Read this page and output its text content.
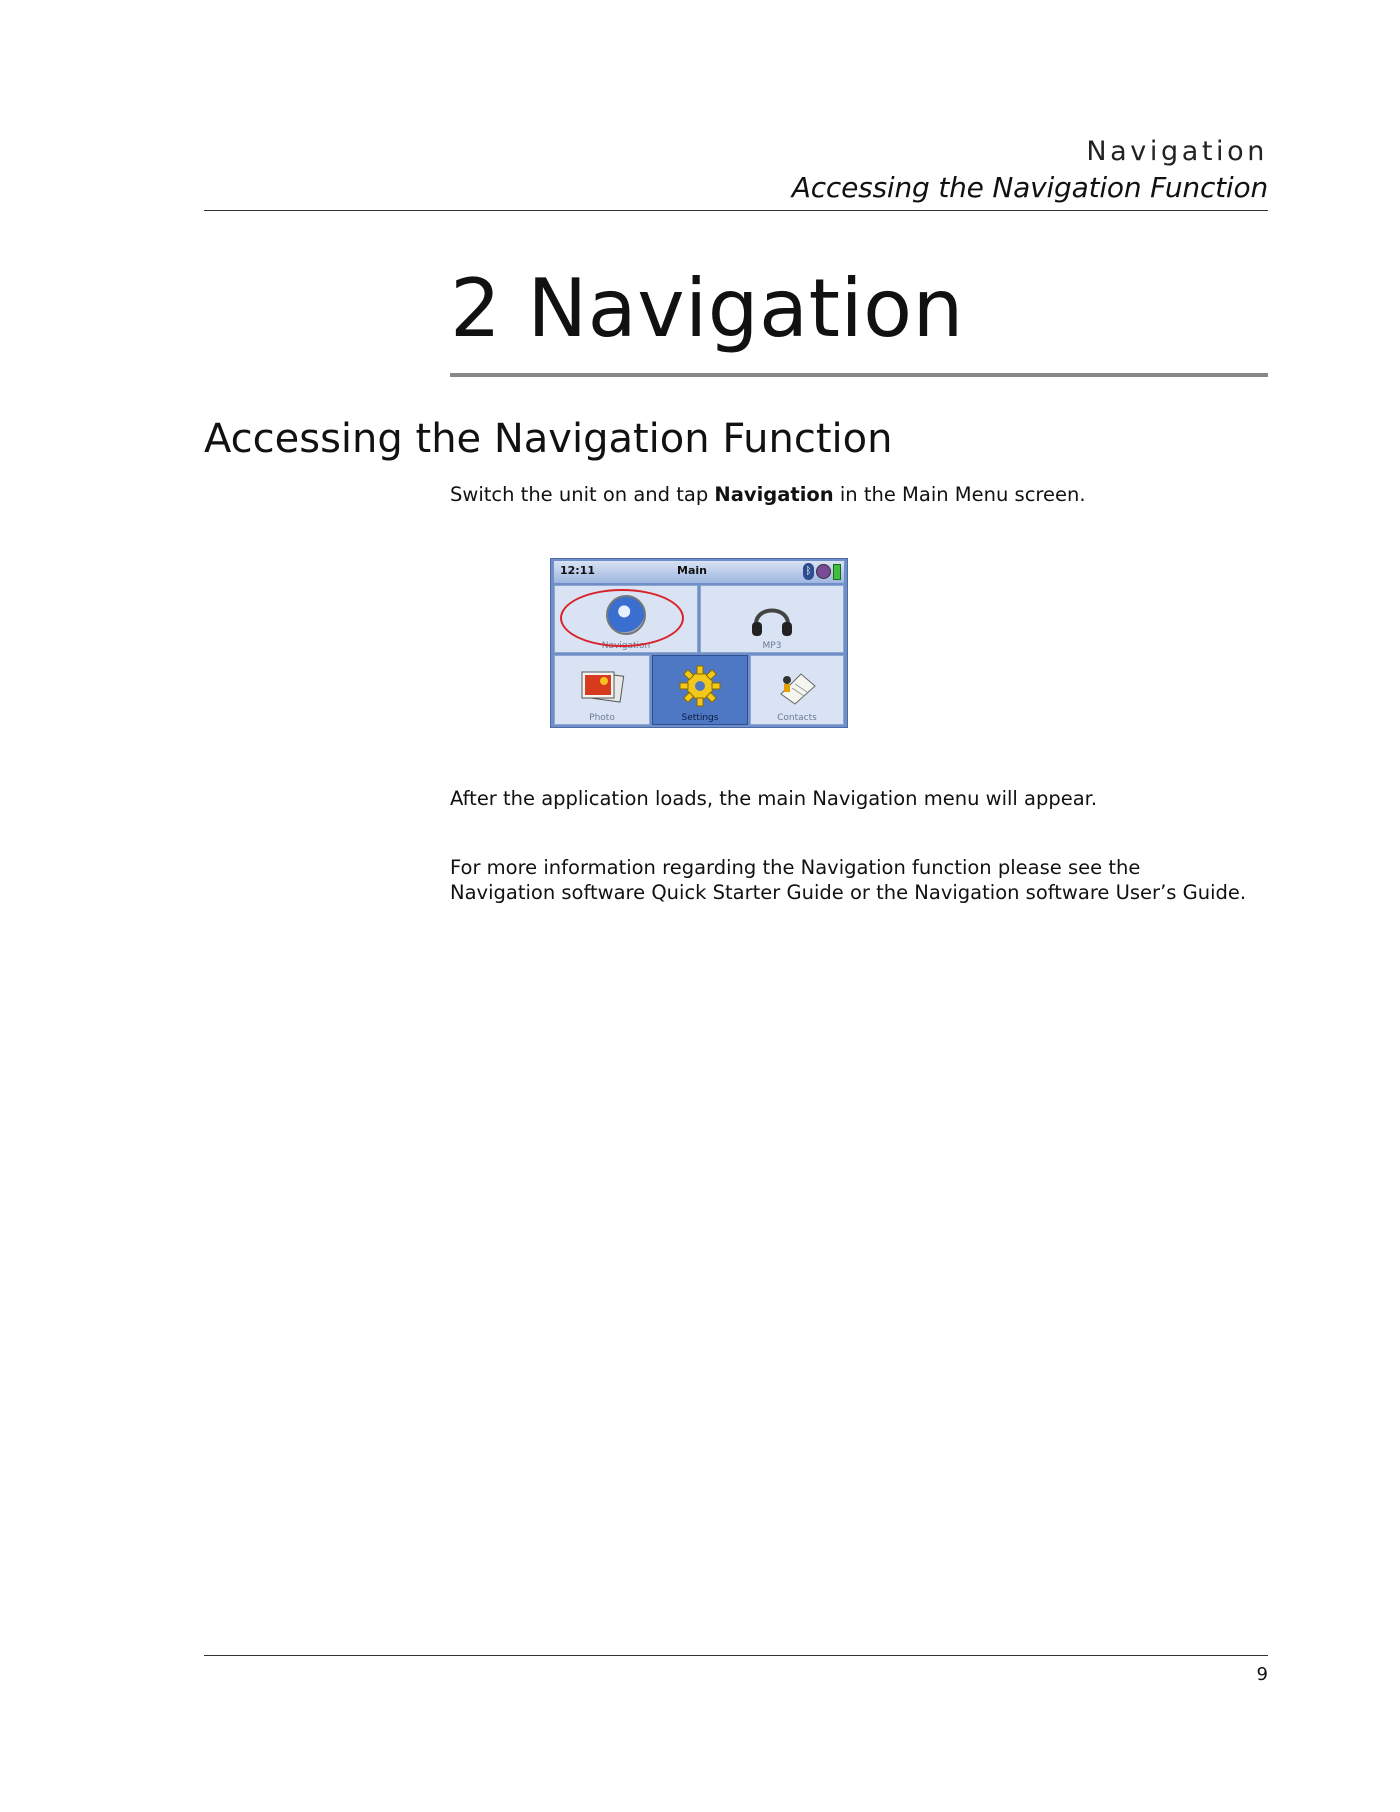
Navigation
Accessing the Navigation Function
2 Navigation
Accessing the Navigation Function

Switch the unit on and tap Navigation in the Main Menu screen.

12:11	Main	ᛒ
Navigation	MP3
Photo	Settings	Contacts

After the application loads, the main Navigation menu will appear.

For more information regarding the Navigation function please see the Navigation software Quick Starter Guide or the Navigation software User’s Guide.

9
